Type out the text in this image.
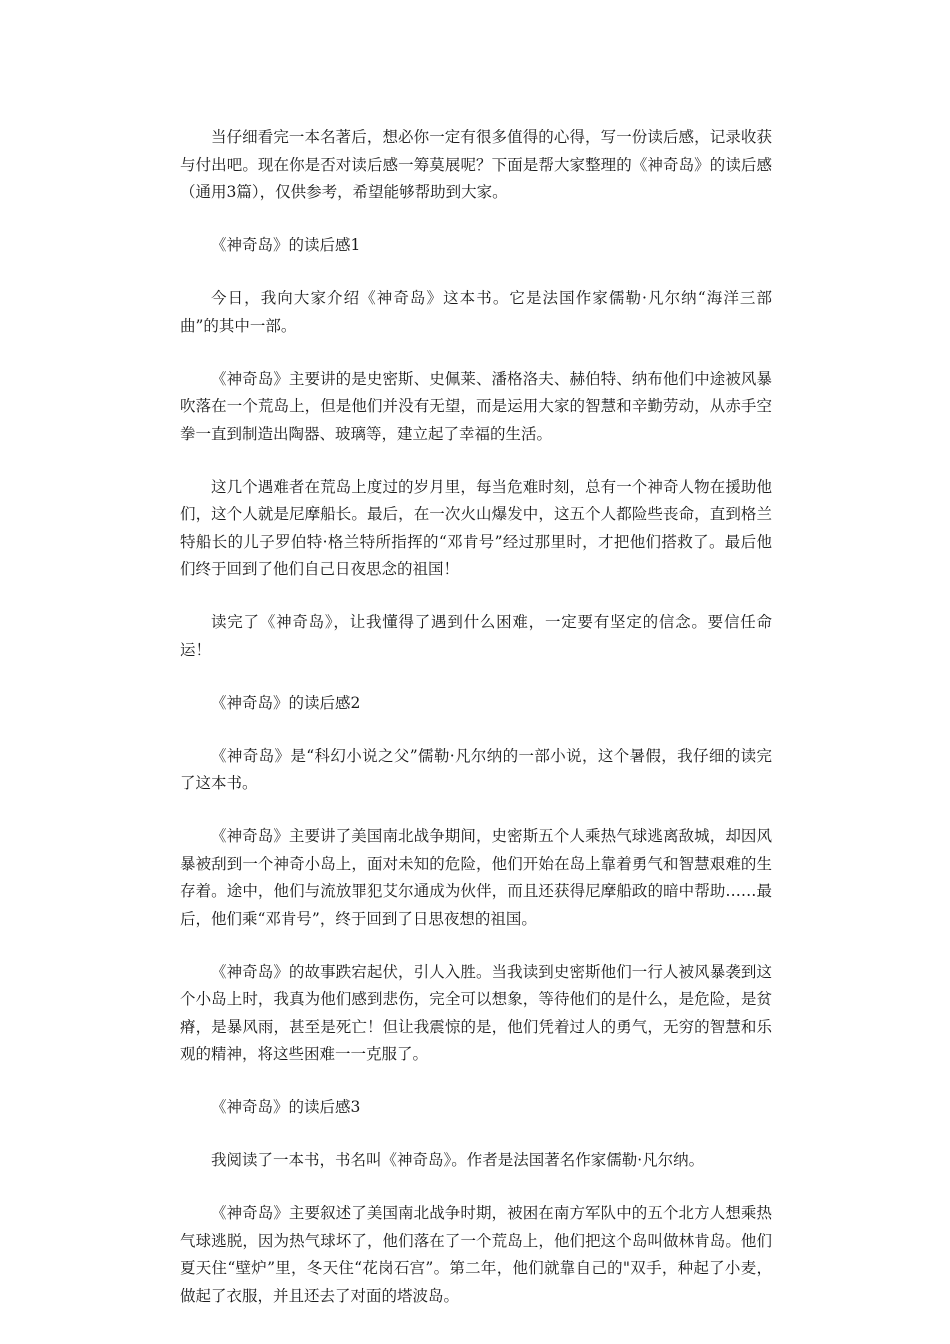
当仔细看完一本名著后，想必你一定有很多值得的心得，写一份读后感，记录收获与付出吧。现在你是否对读后感一筹莫展呢？下面是帮大家整理的《神奇岛》的读后感（通用3篇），仅供参考，希望能够帮助到大家。

《神奇岛》的读后感1

今日，我向大家介绍《神奇岛》这本书。它是法国作家儒勒·凡尔纳“海洋三部曲”的其中一部。

《神奇岛》主要讲的是史密斯、史佩莱、潘格洛夫、赫伯特、纳布他们中途被风暴吹落在一个荒岛上，但是他们并没有无望，而是运用大家的智慧和辛勤劳动，从赤手空拳一直到制造出陶器、玻璃等，建立起了幸福的生活。

这几个遇难者在荒岛上度过的岁月里，每当危难时刻，总有一个神奇人物在援助他们，这个人就是尼摩船长。最后，在一次火山爆发中，这五个人都险些丧命，直到格兰特船长的儿子罗伯特·格兰特所指挥的“邓肯号”经过那里时，才把他们搭救了。最后他们终于回到了他们自己日夜思念的祖国！

读完了《神奇岛》，让我懂得了遇到什么困难，一定要有坚定的信念。要信任命运！

《神奇岛》的读后感2

《神奇岛》是“科幻小说之父”儒勒·凡尔纳的一部小说，这个暑假，我仔细的读完了这本书。

《神奇岛》主要讲了美国南北战争期间，史密斯五个人乘热气球逃离敌城，却因风暴被刮到一个神奇小岛上，面对未知的危险，他们开始在岛上靠着勇气和智慧艰难的生存着。途中，他们与流放罪犯艾尔通成为伙伴，而且还获得尼摩船政的暗中帮助……最后，他们乘“邓肯号”，终于回到了日思夜想的祖国。

《神奇岛》的故事跌宕起伏，引人入胜。当我读到史密斯他们一行人被风暴袭到这个小岛上时，我真为他们感到悲伤，完全可以想象，等待他们的是什么，是危险，是贫瘠，是暴风雨，甚至是死亡！但让我震惊的是，他们凭着过人的勇气，无穷的智慧和乐观的精神，将这些困难一一克服了。

《神奇岛》的读后感3

我阅读了一本书，书名叫《神奇岛》。作者是法国著名作家儒勒·凡尔纳。

《神奇岛》主要叙述了美国南北战争时期，被困在南方军队中的五个北方人想乘热气球逃脱，因为热气球坏了，他们落在了一个荒岛上，他们把这个岛叫做林肯岛。他们夏天住“壁炉”里，冬天住“花岗石宫”。第二年，他们就靠自己的"双手，种起了小麦，做起了衣服，并且还去了对面的塔波岛。
